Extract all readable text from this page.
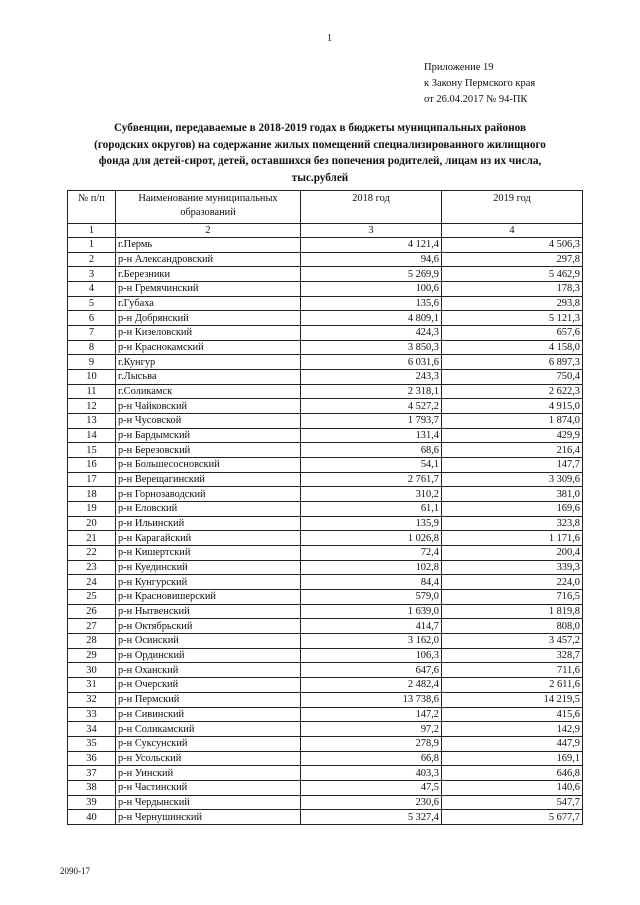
1
Приложение 19
к Закону Пермского края
от 26.04.2017 № 94-ПК
Субвенции, передаваемые в 2018-2019 годах в бюджеты муниципальных районов
(городских округов) на содержание жилых помещений специализированного жилищного
фонда для детей-сирот, детей, оставшихся без попечения родителей, лицам из их числа,
тыс.рублей
№ п/п	Наименование муниципальных образований	2018 год	2019 год
1	2	3	4
1	г.Пермь	4 121,4	4 506,3
2	р-н Александровский	94,6	297,8
3	г.Березники	5 269,9	5 462,9
4	р-н Гремячинский	100,6	178,3
5	г.Губаха	135,6	293,8
6	р-н Добрянский	4 809,1	5 121,3
7	р-н Кизеловский	424,3	657,6
8	р-н Краснокамский	3 850,3	4 158,0
9	г.Кунгур	6 031,6	6 897,3
10	г.Лысьва	243,3	750,4
11	г.Соликамск	2 318,1	2 622,3
12	р-н Чайковский	4 527,2	4 915,0
13	р-н Чусовской	1 793,7	1 874,0
14	р-н Бардымский	131,4	429,9
15	р-н Березовский	68,6	216,4
16	р-н Большесосновский	54,1	147,7
17	р-н Верещагинский	2 761,7	3 309,6
18	р-н Горнозаводский	310,2	381,0
19	р-н Еловский	61,1	169,6
20	р-н Ильинский	135,9	323,8
21	р-н Карагайский	1 026,8	1 171,6
22	р-н Кишертский	72,4	200,4
23	р-н Куединский	102,8	339,3
24	р-н Кунгурский	84,4	224,0
25	р-н Красновишерский	579,0	716,5
26	р-н Нытвенский	1 639,0	1 819,8
27	р-н Октябрьский	414,7	808,0
28	р-н Осинский	3 162,0	3 457,2
29	р-н Ординский	106,3	328,7
30	р-н Оханский	647,6	711,6
31	р-н Очерский	2 482,4	2 611,6
32	р-н Пермский	13 738,6	14 219,5
33	р-н Сивинский	147,2	415,6
34	р-н Соликамский	97,2	142,9
35	р-н Суксунский	278,9	447,9
36	р-н Усольский	66,8	169,1
37	р-н Уинский	403,3	646,8
38	р-н Частинский	47,5	140,6
39	р-н Чердынский	230,6	547,7
40	р-н Чернушинский	5 327,4	5 677,7
2090-17
